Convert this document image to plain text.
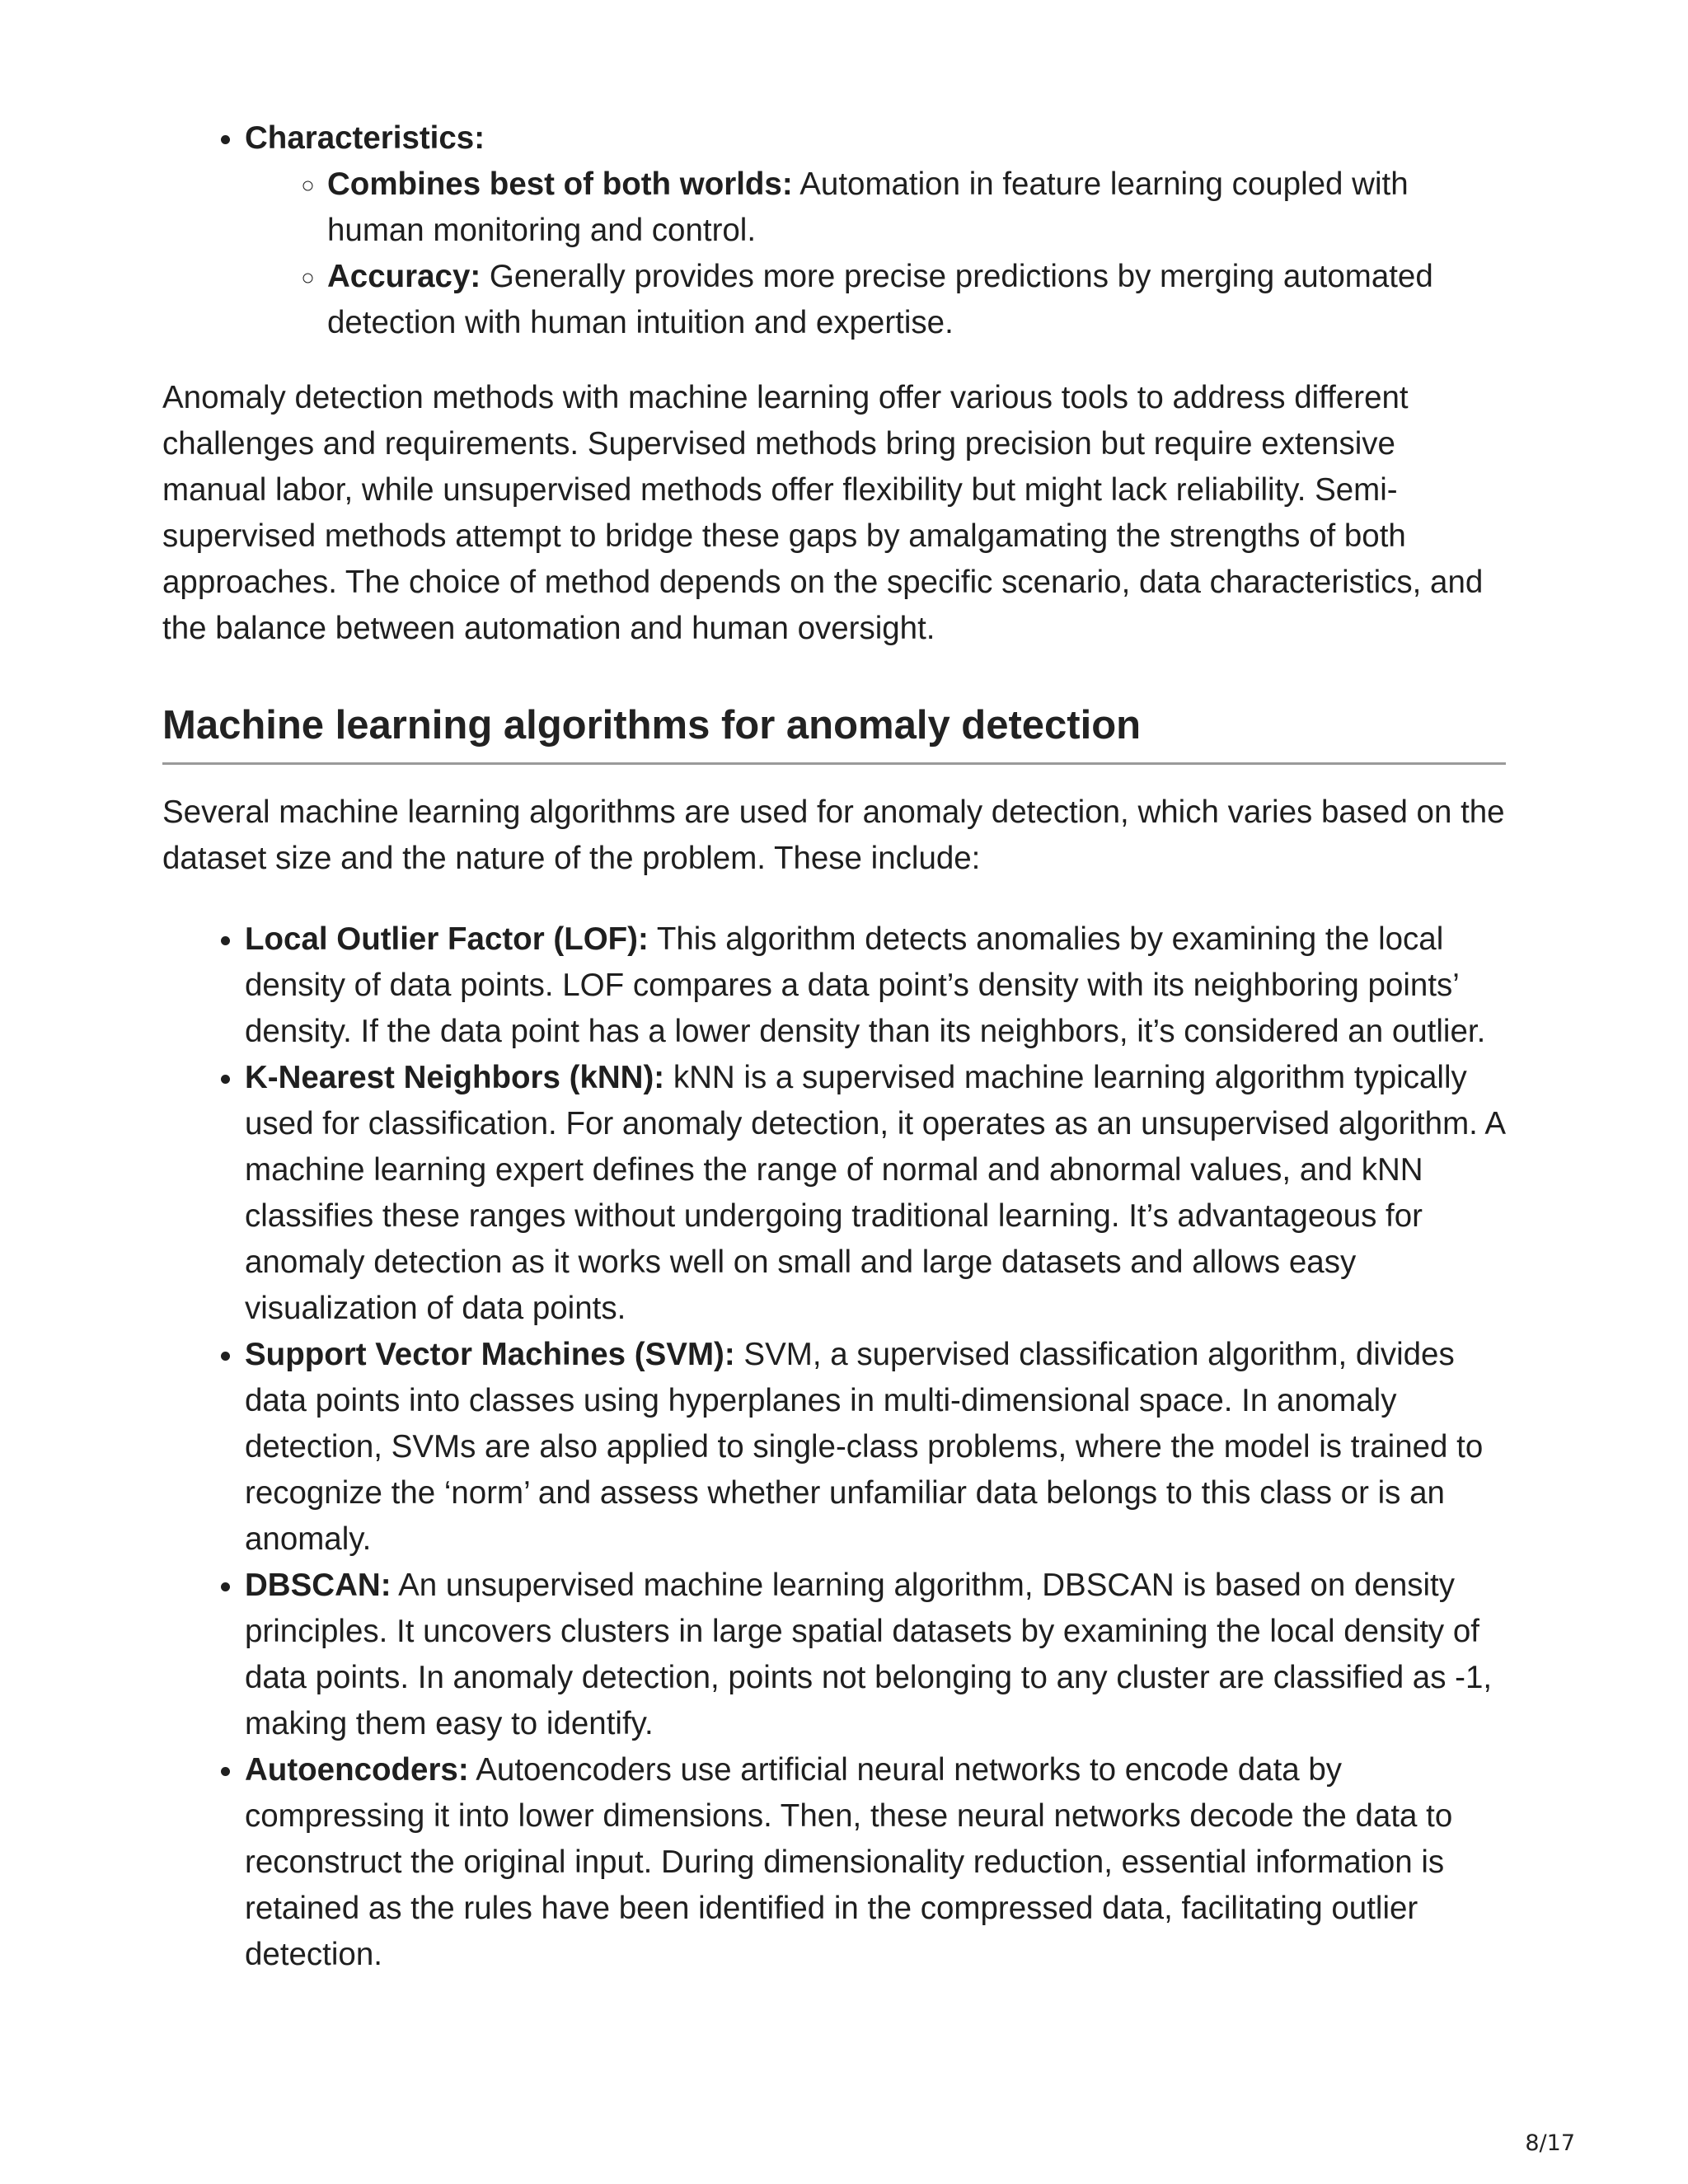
• Characteristics:
◦ Combines best of both worlds: Automation in feature learning coupled with human monitoring and control.
◦ Accuracy: Generally provides more precise predictions by merging automated detection with human intuition and expertise.

Anomaly detection methods with machine learning offer various tools to address different challenges and requirements. Supervised methods bring precision but require extensive manual labor, while unsupervised methods offer flexibility but might lack reliability. Semi-supervised methods attempt to bridge these gaps by amalgamating the strengths of both approaches. The choice of method depends on the specific scenario, data characteristics, and the balance between automation and human oversight.

Machine learning algorithms for anomaly detection

Several machine learning algorithms are used for anomaly detection, which varies based on the dataset size and the nature of the problem. These include:

• Local Outlier Factor (LOF): This algorithm detects anomalies by examining the local density of data points. LOF compares a data point’s density with its neighboring points’ density. If the data point has a lower density than its neighbors, it’s considered an outlier.
• K-Nearest Neighbors (kNN): kNN is a supervised machine learning algorithm typically used for classification. For anomaly detection, it operates as an unsupervised algorithm. A machine learning expert defines the range of normal and abnormal values, and kNN classifies these ranges without undergoing traditional learning. It’s advantageous for anomaly detection as it works well on small and large datasets and allows easy visualization of data points.
• Support Vector Machines (SVM): SVM, a supervised classification algorithm, divides data points into classes using hyperplanes in multi-dimensional space. In anomaly detection, SVMs are also applied to single-class problems, where the model is trained to recognize the ‘norm’ and assess whether unfamiliar data belongs to this class or is an anomaly.
• DBSCAN: An unsupervised machine learning algorithm, DBSCAN is based on density principles. It uncovers clusters in large spatial datasets by examining the local density of data points. In anomaly detection, points not belonging to any cluster are classified as -1, making them easy to identify.
• Autoencoders: Autoencoders use artificial neural networks to encode data by compressing it into lower dimensions. Then, these neural networks decode the data to reconstruct the original input. During dimensionality reduction, essential information is retained as the rules have been identified in the compressed data, facilitating outlier detection.
8/17
